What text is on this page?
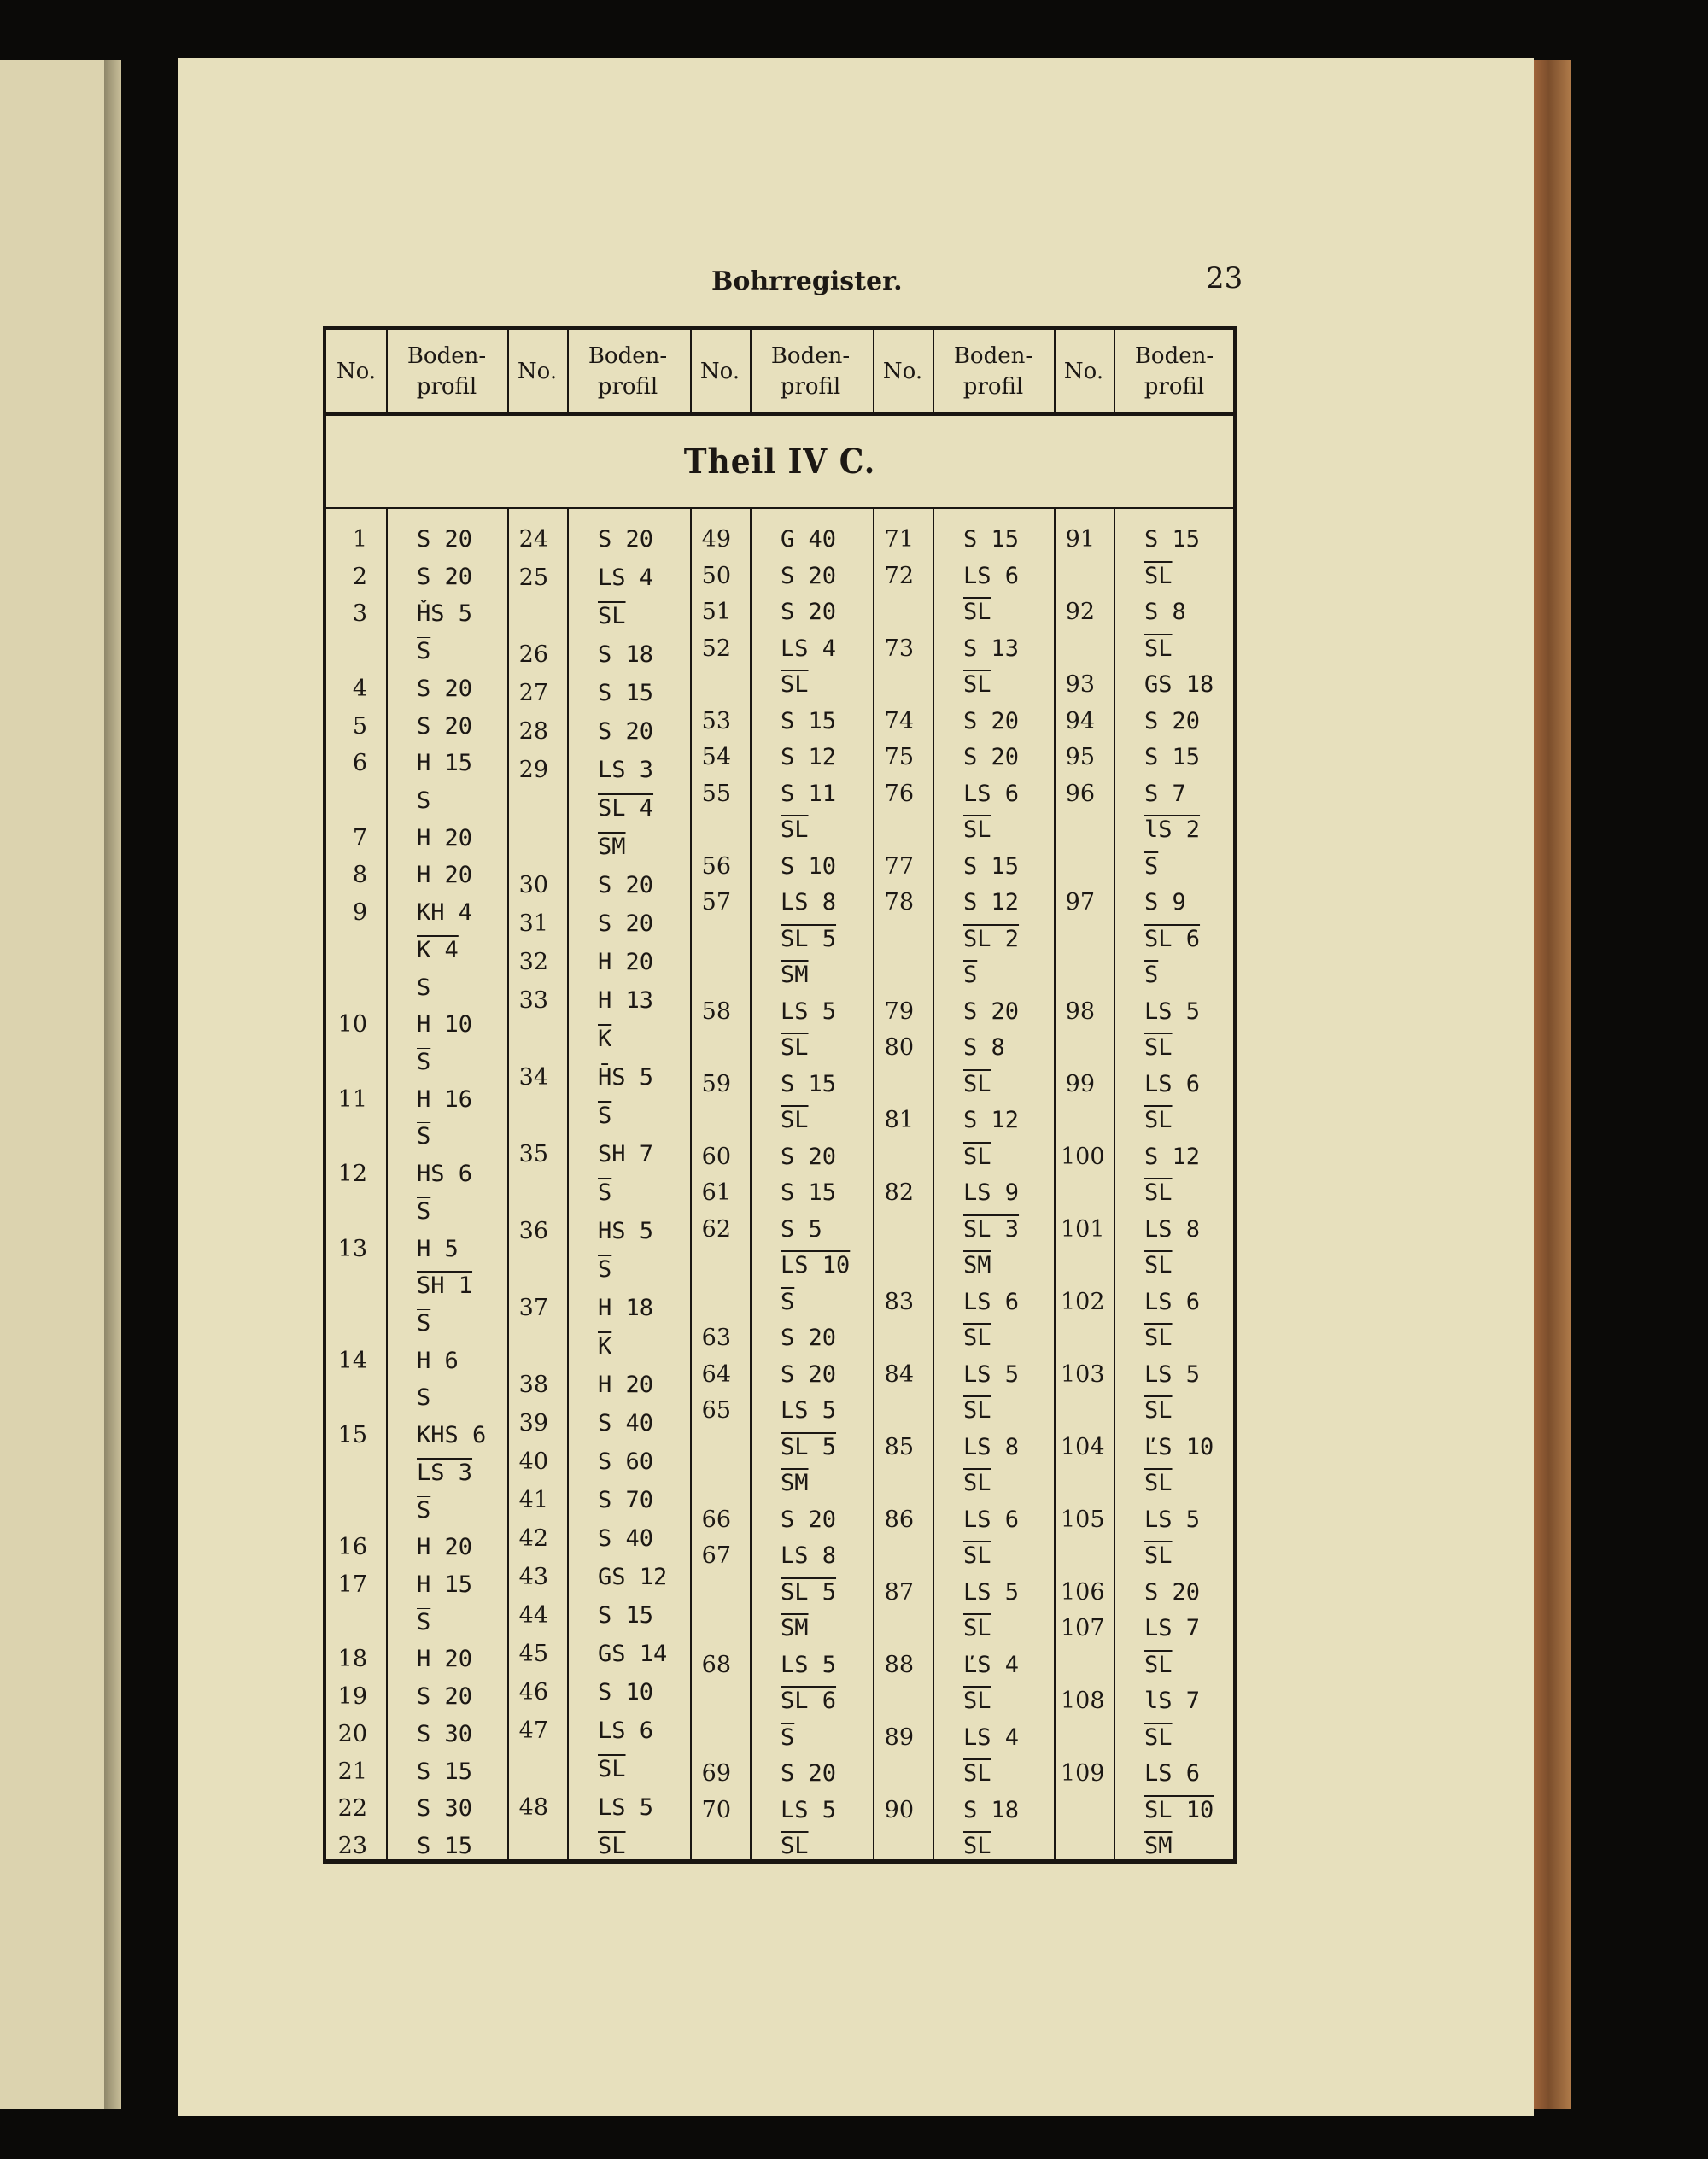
Bohrregister.	23
Theil IV C.
No.
Boden-
profil
No.
Boden-
profil
No.
Boden-
profil
No.
Boden-
profil
No.
Boden-
profil
1 S 20
2 S 20
3 ȞS 5
S̅
4 S 20
5 S 20
6 H 15
S̅
7 H 20
8 H 20
9 KH 4
K 4
S̅
10 H 10
S̅
11 H 16
S̅
12 HS 6
S̅
13 H 5
SH 1
S̅
14 H 6
S̅
15 KHS 6
LS 3
S̅
16 H 20
17 H 15
S̅
18 H 20
19 S 20
20 S 30
21 S 15
22 S 30
23 S 15
24 S 20
25 LS 4
$\overline{SL}$
26 S 18
27 S 15
28 S 20
29 LS 3
SL 4
$\overline{SM}$
30 S 20
31 S 20
32 H 20
33 H 13
$\overline{K}$
34 H̄S 5
$\overline{S}$
35 SH 7
$\overline{S}$
36 HS 5
$\overline{S}$
37 H 18
$\overline{K}$
38 H 20
39 S 40
40 S 60
41 S 70
42 S 40
43 GS 12
44 S 15
45 GS 14
46 S 10
47 LS 6
$\overline{SL}$
48 LS 5
$\overline{SL}$
49 G 40
50 S 20
51 S 20
52 LS 4
$\overline{SL}$
53 S 15
54 S 12
55 S 11
$\overline{SL}$
56 S 10
57 LS 8
SL 5
$\overline{SM}$
58 LS 5
$\overline{SL}$
59 S 15
$\overline{SL}$
60 S 20
61 S 15
62 S 5
LS 10
$\overline{S}$
63 S 20
64 S 20
65 LS 5
SL 5
$\overline{SM}$
66 S 20
67 LS 8
SL 5
$\overline{SM}$
68 LS 5
SL 6
$\overline{S}$
69 S 20
70 LS 5
$\overline{SL}$
71 S 15
72 LS 6
$\overline{SL}$
73 S 13
$\overline{SL}$
74 S 20
75 S 20
76 LS 6
$\overline{SL}$
77 S 15
78 S 12
SL 2
$\overline{S}$
79 S 20
80 S 8
$\overline{SL}$
81 S 12
$\overline{SL}$
82 LS 9
SL 3
$\overline{SM}$
83 LS 6
$\overline{SL}$
84 LS 5
$\overline{SL}$
85 LS 8
$\overline{SL}$
86 LS 6
$\overline{SL}$
87 LS 5
$\overline{SL}$
88 ĽS 4
$\overline{SL}$
89 LS 4
$\overline{SL}$
90 S 18
$\overline{SL}$
91 S 15
$\overline{SL}$
92 S 8
$\overline{SL}$
93 GS 18
94 S 20
95 S 15
96 S 7
lS 2
$\overline{S}$
97 S 9
SL 6
$\overline{S}$
98 LS 5
$\overline{SL}$
99 LS 6
$\overline{SL}$
100 S 12
$\overline{SL}$
101 LS 8
$\overline{SL}$
102 LS 6
$\overline{SL}$
103 LS 5
$\overline{SL}$
104 ĽS 10
$\overline{SL}$
105 LS 5
$\overline{SL}$
106 S 20
107 LS 7
$\overline{SL}$
108 lS 7
$\overline{SL}$
109 LS 6
SL 10
$\overline{SM}$
